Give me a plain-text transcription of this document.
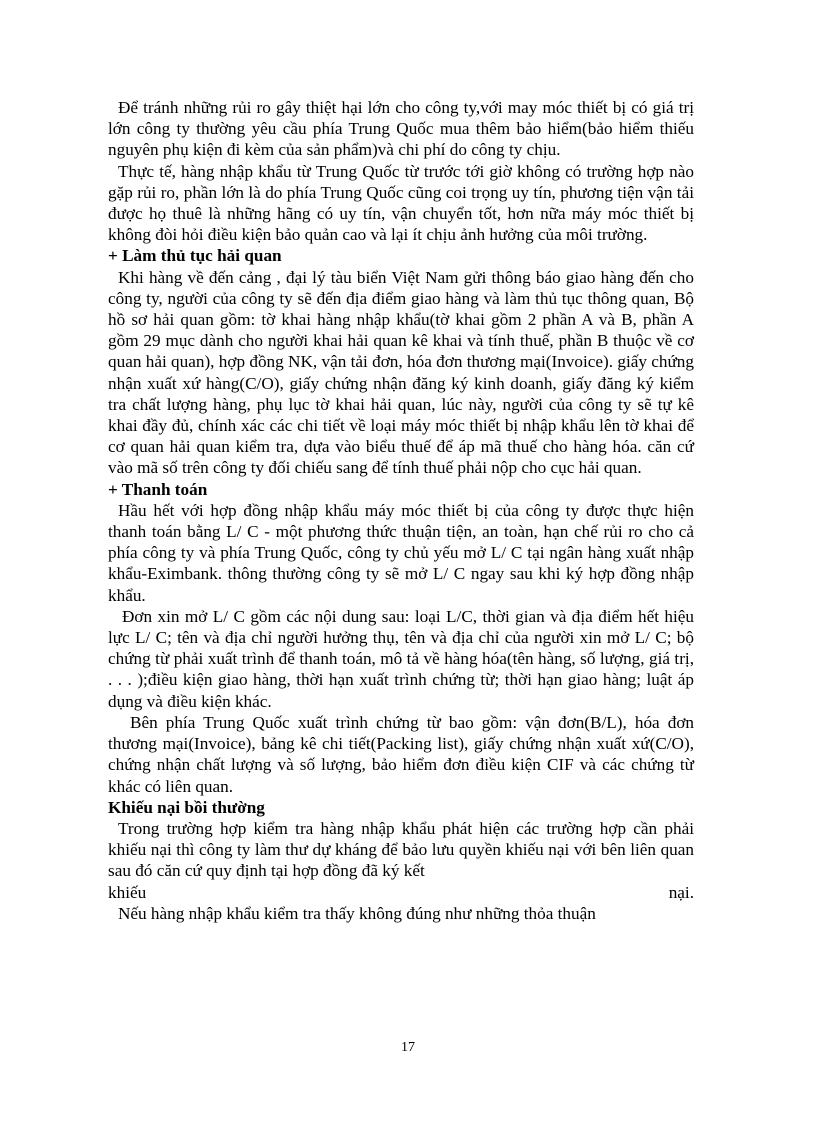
Để tránh những rủi ro gây thiệt hại lớn cho công ty,với may móc thiết bị có giá trị lớn công ty thường yêu cầu phía Trung Quốc mua thêm bảo hiểm(bảo hiểm thiếu nguyên phụ kiện đi kèm của sản phẩm)và chi phí do công ty chịu.

Thực tế, hàng nhập khẩu từ Trung Quốc từ trước tới giờ không có trường hợp nào gặp rủi ro, phần lớn là do phía Trung Quốc cũng coi trọng uy tín, phương tiện vận tải được họ thuê là những hãng có uy tín, vận chuyển tốt, hơn nữa máy móc thiết bị không đòi hỏi điều kiện bảo quản cao và lại ít chịu ảnh hưởng của môi trường.

+ Làm thủ tục hải quan

Khi hàng về đến cảng , đại lý tàu biển Việt Nam gửi thông báo giao hàng đến cho công ty, người của công ty sẽ đến địa điểm giao hàng và làm thủ tục thông quan, Bộ hồ sơ hải quan gồm: tờ khai hàng nhập khẩu(tờ khai gồm 2 phần A và B, phần A gồm 29 mục dành cho người khai hải quan kê khai và tính thuế, phần B thuộc về cơ quan hải quan), hợp đồng NK, vận tải đơn, hóa đơn thương mại(Invoice). giấy chứng nhận xuất xứ hàng(C/O), giấy chứng nhận đăng ký kinh doanh, giấy đăng ký kiểm tra chất lượng hàng, phụ lục tờ khai hải quan, lúc này, người của công ty sẽ tự kê khai đầy đủ, chính xác các chi tiết về loại máy móc thiết bị nhập khẩu lên tờ khai để cơ quan hải quan kiểm tra, dựa vào biểu thuế để áp mã thuế cho hàng hóa. căn cứ vào mã số trên công ty đối chiếu sang để tính thuế phải nộp cho cục hải quan.

+ Thanh toán

Hầu hết với hợp đồng nhập khẩu máy móc thiết bị của công ty được thực hiện thanh toán bằng L/ C - một phương thức thuận tiện, an toàn, hạn chế rủi ro cho cả phía công ty và phía Trung Quốc, công ty chủ yếu mở L/ C tại ngân hàng xuất nhập khẩu-Eximbank. thông thường công ty sẽ mở L/ C ngay sau khi ký hợp đồng nhập khẩu.

Đơn xin mở L/ C gồm các nội dung sau: loại L/C, thời gian và địa điểm hết hiệu lực L/ C; tên và địa chỉ người hưởng thụ, tên và địa chỉ của người xin mở L/ C; bộ chứng từ phải xuất trình để thanh toán, mô tả về hàng hóa(tên hàng, số lượng, giá trị, . . . );điều kiện giao hàng, thời hạn xuất trình chứng từ; thời hạn giao hàng; luật áp dụng và điều kiện khác.

Bên phía Trung Quốc xuất trình chứng từ bao gồm: vận đơn(B/L), hóa đơn thương mại(Invoice), bảng kê chi tiết(Packing list), giấy chứng nhận xuất xứ(C/O), chứng nhận chất lượng và số lượng, bảo hiểm đơn điều kiện CIF và các chứng từ khác có liên quan.

Khiếu nại bồi thường

Trong trường hợp kiểm tra hàng nhập khẩu phát hiện các trường hợp cần phải khiếu nại thì công ty làm thư dự kháng để bảo lưu quyền khiếu nại với bên liên quan sau đó căn cứ quy định tại hợp đồng đã ký kết

khiếu	nại.

Nếu hàng nhập khẩu kiểm tra thấy không đúng như những thỏa thuận

17
